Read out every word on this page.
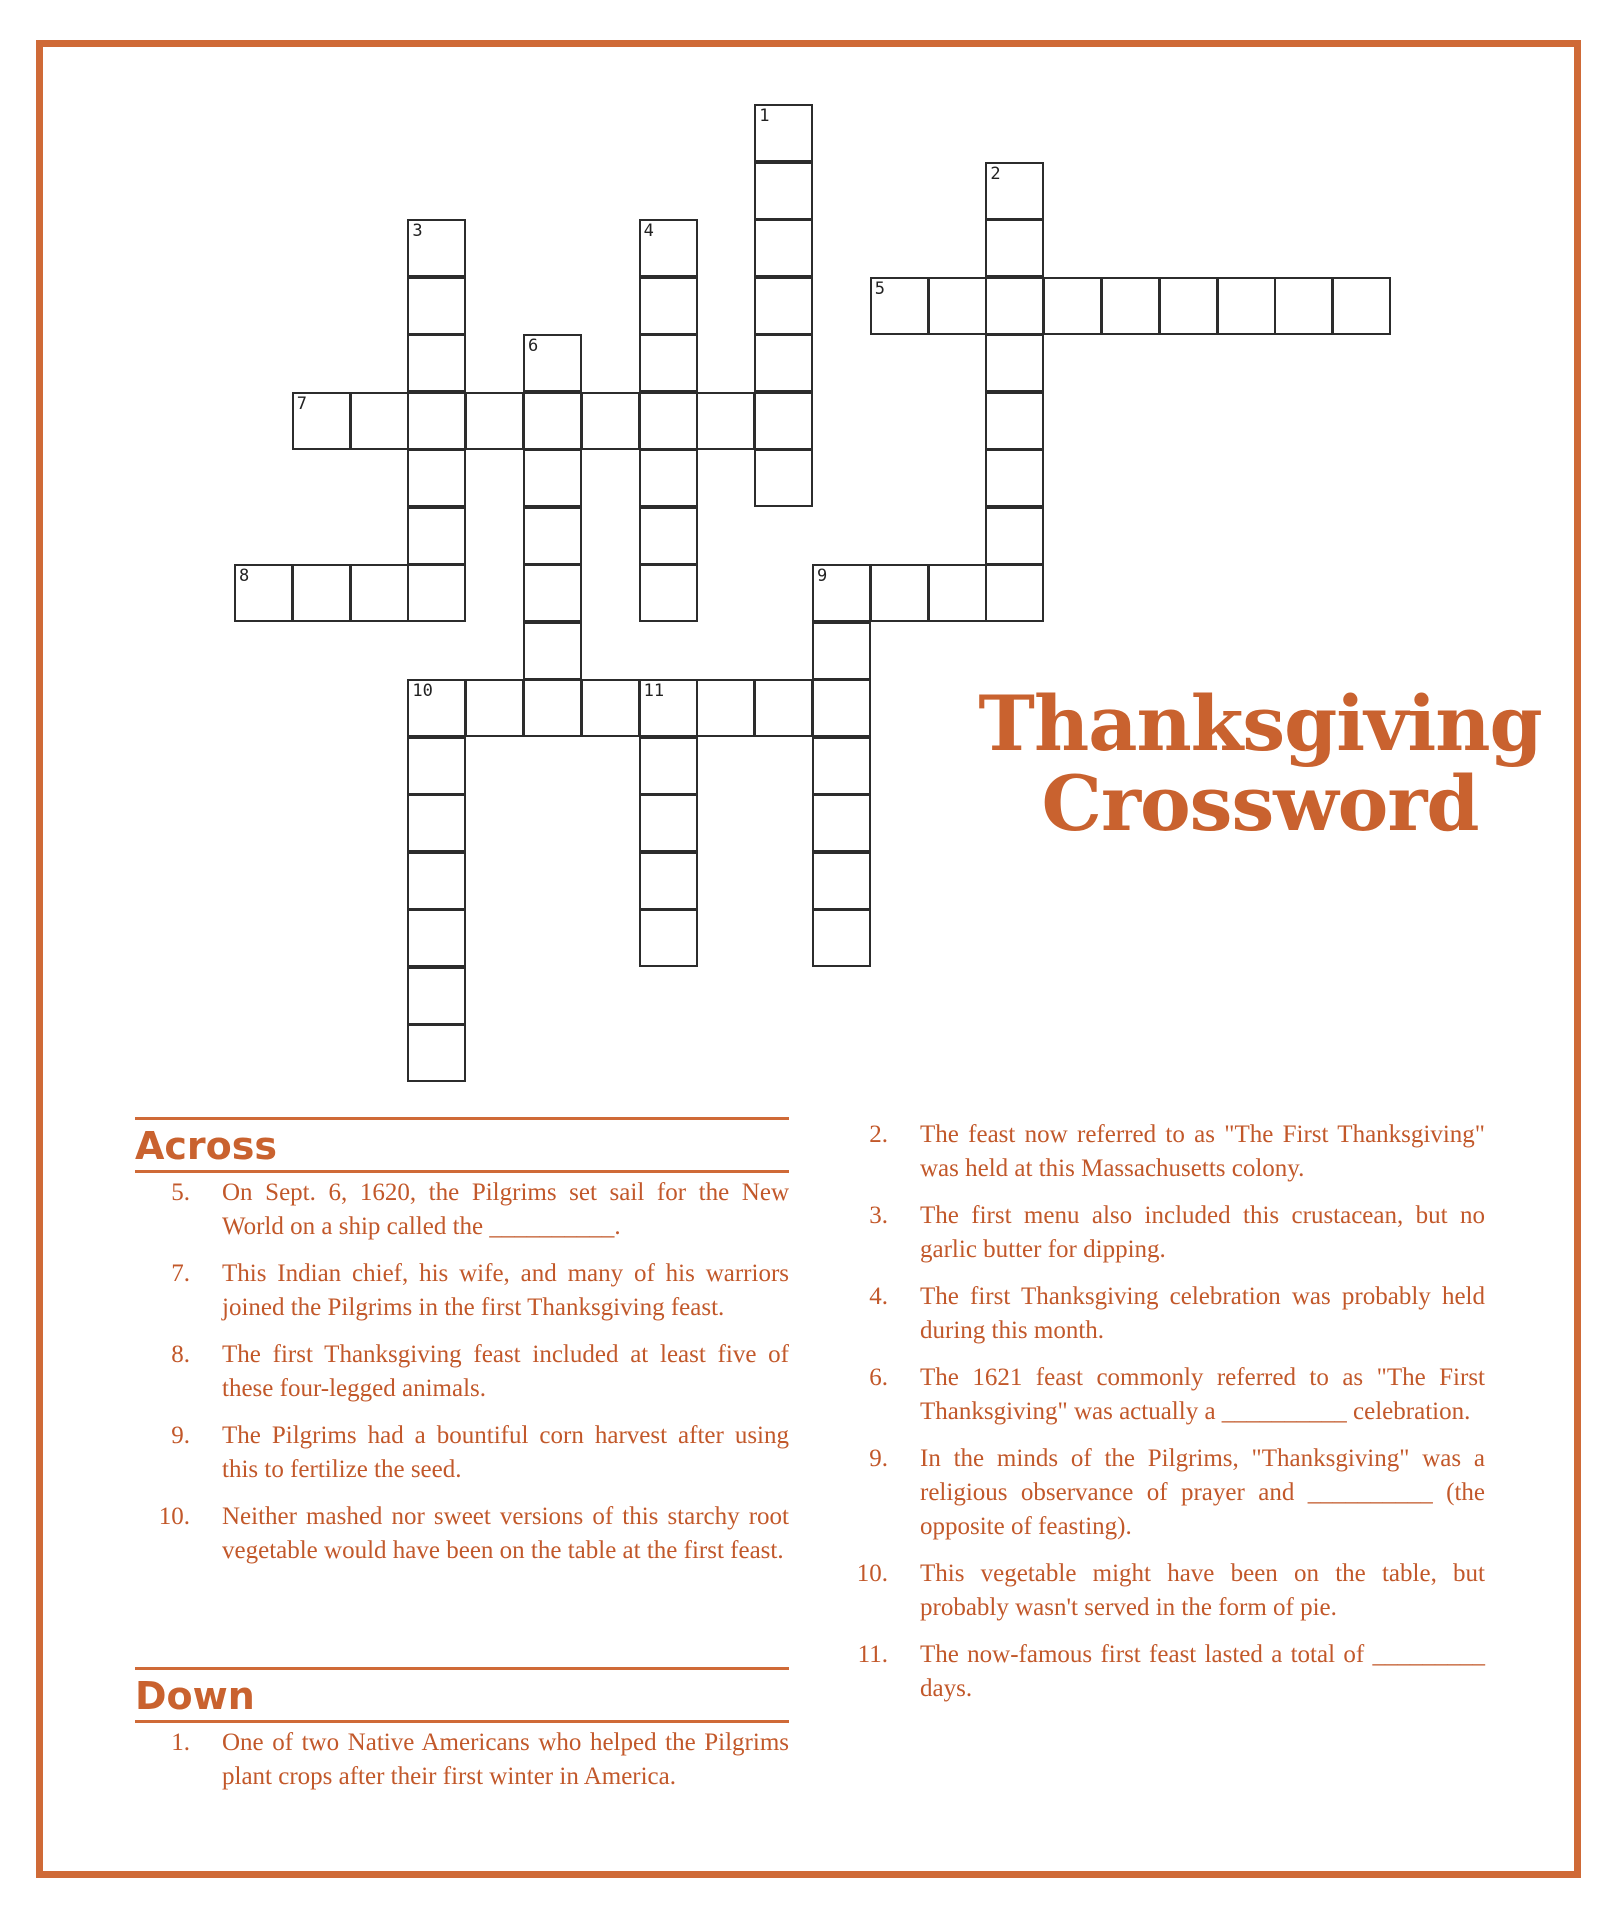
1
2
3	4
5
6
7
8	9
10	11	Thanksgiving
Crossword
Across
5. On Sept. 6, 1620, the Pilgrims set sail for the New World on a ship called the __________.
7. This Indian chief, his wife, and many of his warriors joined the Pilgrims in the first Thanksgiving feast.
8. The first Thanksgiving feast included at least five of these four-legged animals.
9. The Pilgrims had a bountiful corn harvest after using this to fertilize the seed.
10. Neither mashed nor sweet versions of this starchy root vegetable would have been on the table at the first feast.
Down
1. One of two Native Americans who helped the Pilgrims plant crops after their first winter in America.
2. The feast now referred to as "The First Thanksgiving" was held at this Massachusetts colony.
3. The first menu also included this crustacean, but no garlic butter for dipping.
4. The first Thanksgiving celebration was probably held during this month.
6. The 1621 feast commonly referred to as "The First Thanksgiving" was actually a __________ celebration.
9. In the minds of the Pilgrims, "Thanksgiving" was a religious observance of prayer and __________ (the opposite of feasting).
10. This vegetable might have been on the table, but probably wasn't served in the form of pie.
11. The now-famous first feast lasted a total of _________ days.
